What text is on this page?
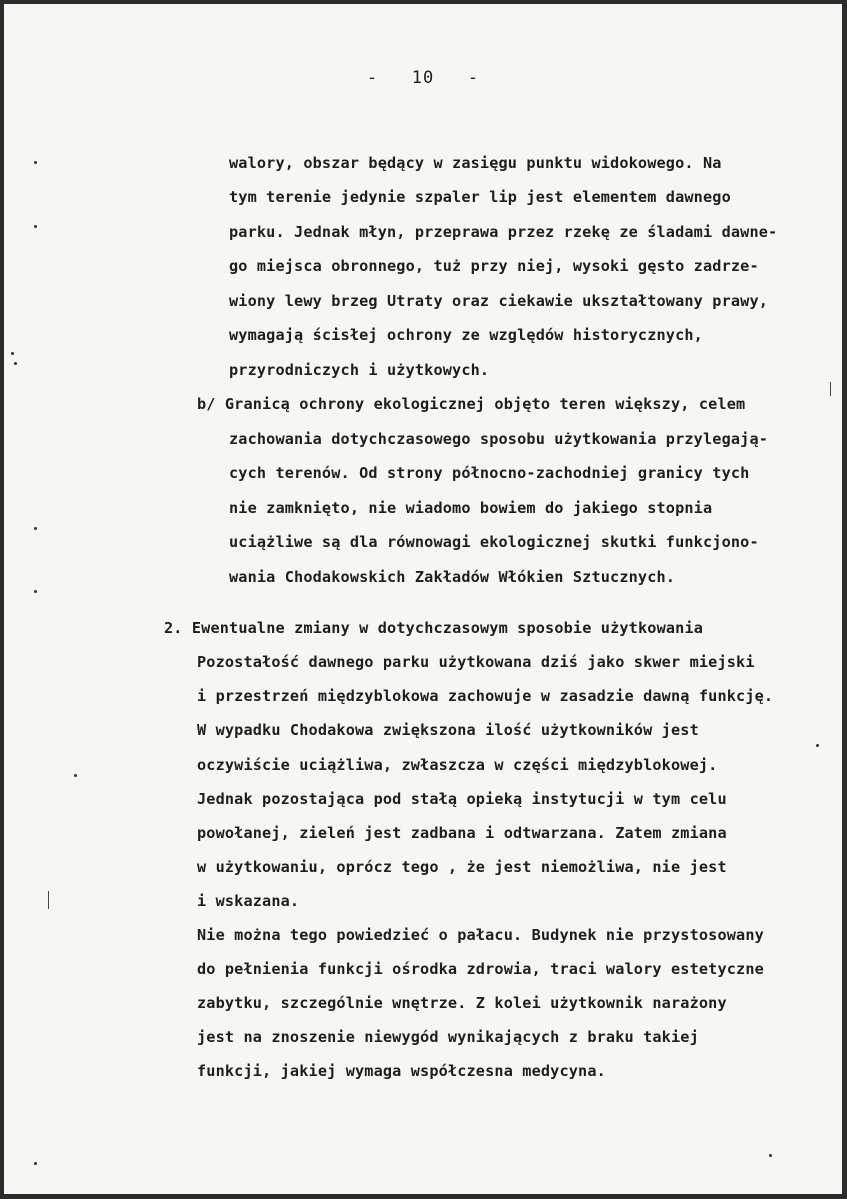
-   10   -
walory, obszar będący w zasięgu punktu widokowego. Na
tym terenie jedynie szpaler lip jest elementem dawnego
parku. Jednak młyn, przeprawa przez rzekę ze śladami dawne-
go miejsca obronnego, tuż przy niej, wysoki gęsto zadrze-
wiony lewy brzeg Utraty oraz ciekawie ukształtowany prawy,
wymagają ścisłej ochrony ze względów historycznych,
przyrodniczych i użytkowych.
b/ Granicą ochrony ekologicznej objęto teren większy, celem
zachowania dotychczasowego sposobu użytkowania przylegają-
cych terenów. Od strony północno-zachodniej granicy tych
nie zamknięto, nie wiadomo bowiem do jakiego stopnia
uciążliwe są dla równowagi ekologicznej skutki funkcjono-
wania Chodakowskich Zakładów Włókien Sztucznych.
2. Ewentualne zmiany w dotychczasowym sposobie użytkowania
Pozostałość dawnego parku użytkowana dziś jako skwer miejski
i przestrzeń międzyblokowa zachowuje w zasadzie dawną funkcję.
W wypadku Chodakowa zwiększona ilość użytkowników jest
oczywiście uciążliwa, zwłaszcza w części międzyblokowej.
Jednak pozostająca pod stałą opieką instytucji w tym celu
powołanej, zieleń jest zadbana i odtwarzana. Zatem zmiana
w użytkowaniu, oprócz tego , że jest niemożliwa, nie jest
i wskazana.
Nie można tego powiedzieć o pałacu. Budynek nie przystosowany
do pełnienia funkcji ośrodka zdrowia, traci walory estetyczne
zabytku, szczególnie wnętrze. Z kolei użytkownik narażony
jest na znoszenie niewygód wynikających z braku takiej
funkcji, jakiej wymaga współczesna medycyna.
